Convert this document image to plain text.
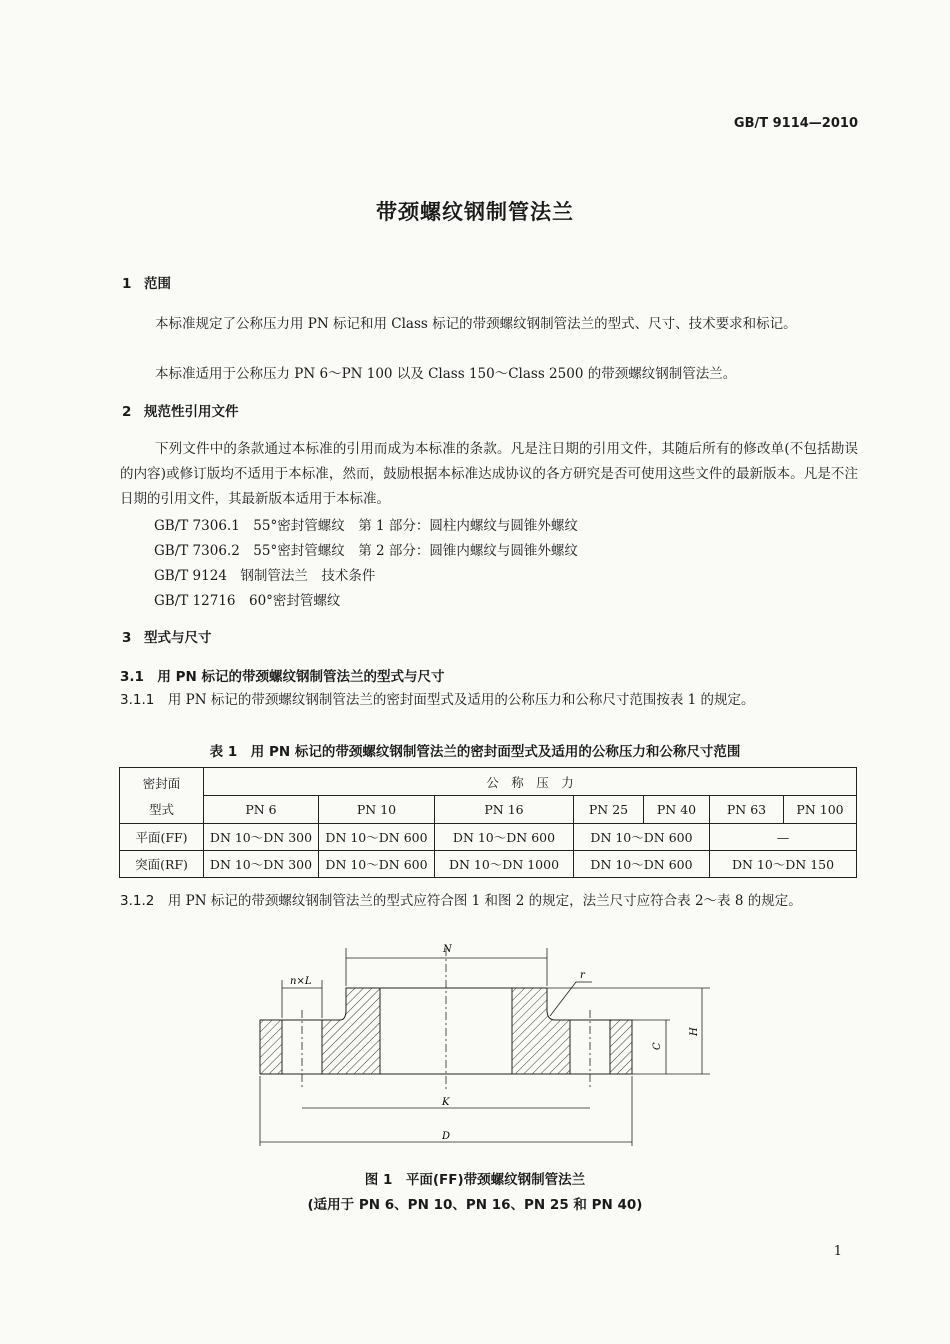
GB/T 9114—2010
带颈螺纹钢制管法兰
1 范围

本标准规定了公称压力用 PN 标记和用 Class 标记的带颈螺纹钢制管法兰的型式、尺寸、技术要求和标记。

本标准适用于公称压力 PN 6～PN 100 以及 Class 150～Class 2500 的带颈螺纹钢制管法兰。

2 规范性引用文件

下列文件中的条款通过本标准的引用而成为本标准的条款。凡是注日期的引用文件，其随后所有的修改单(不包括勘误的内容)或修订版均不适用于本标准，然而，鼓励根据本标准达成协议的各方研究是否可使用这些文件的最新版本。凡是不注日期的引用文件，其最新版本适用于本标准。

GB/T 7306.1　55°密封管螺纹　第 1 部分：圆柱内螺纹与圆锥外螺纹
GB/T 7306.2　55°密封管螺纹　第 2 部分：圆锥内螺纹与圆锥外螺纹
GB/T 9124　钢制管法兰　技术条件
GB/T 12716　60°密封管螺纹
3 型式与尺寸
3.1　 用 PN 标记的带颈螺纹钢制管法兰的型式与尺寸

3.1.1　 用 PN 标记的带颈螺纹钢制管法兰的密封面型式及适用的公称压力和公称尺寸范围按表 1 的规定。

表 1　用 PN 标记的带颈螺纹钢制管法兰的密封面型式及适用的公称压力和公称尺寸范围
密封面
型式	公　称　压　力						
	PN 6	PN 10	PN 16	PN 25	PN 40	PN 63	PN 100
平面(FF)	DN 10～DN 300	DN 10～DN 600	DN 10～DN 600	DN 10～DN 600		—	
突面(RF)	DN 10～DN 300	DN 10～DN 600	DN 10～DN 1000	DN 10～DN 600		DN 10～DN 150	

3.1.2　 用 PN 标记的带颈螺纹钢制管法兰的型式应符合图 1 和图 2 的规定，法兰尺寸应符合表 2～表 8 的规定。

N
n×L
r
C
H
K
D
图 1　平面(FF)带颈螺纹钢制管法兰
(适用于 PN 6、PN 10、PN 16、PN 25 和 PN 40)
1
